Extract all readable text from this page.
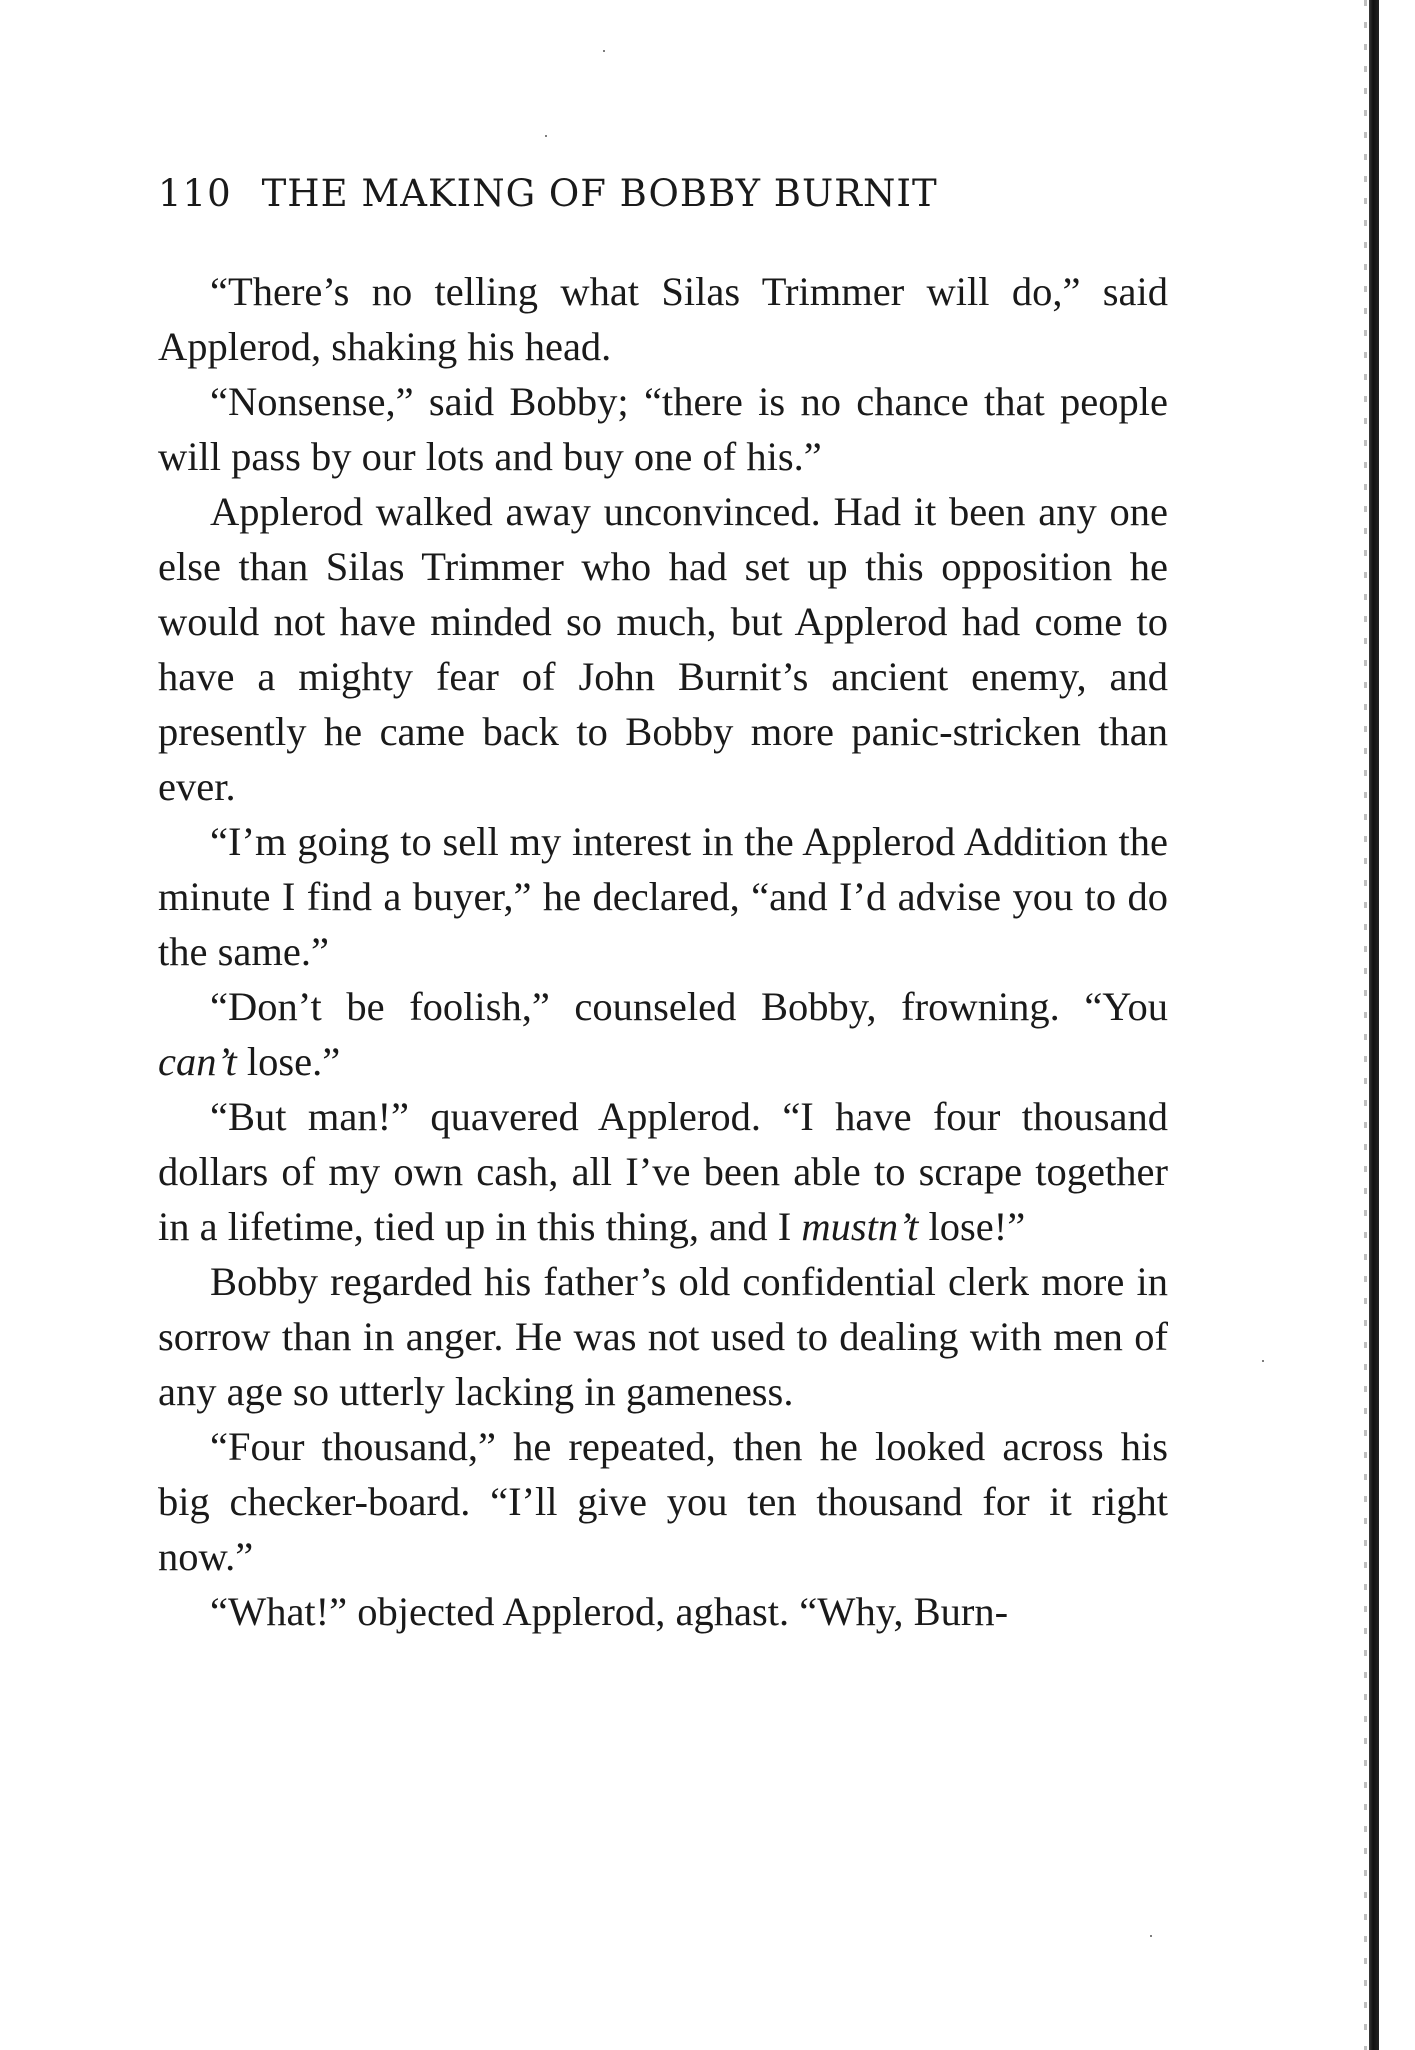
110 THE MAKING OF BOBBY BURNIT

“There’s no telling what Silas Trimmer will do,” said Applerod, shaking his head.

“Nonsense,” said Bobby; “there is no chance that people will pass by our lots and buy one of his.”

Applerod walked away unconvinced. Had it been any one else than Silas Trimmer who had set up this opposition he would not have minded so much, but Applerod had come to have a mighty fear of John Burnit’s ancient enemy, and presently he came back to Bobby more panic-stricken than ever.

“I’m going to sell my interest in the Applerod Addition the minute I find a buyer,” he declared, “and I’d advise you to do the same.”

“Don’t be foolish,” counseled Bobby, frowning. “You can’t lose.”

“But man!” quavered Applerod. “I have four thousand dollars of my own cash, all I’ve been able to scrape together in a lifetime, tied up in this thing, and I mustn’t lose!”

Bobby regarded his father’s old confidential clerk more in sorrow than in anger. He was not used to dealing with men of any age so utterly lacking in gameness.

“Four thousand,” he repeated, then he looked across his big checker-board. “I’ll give you ten thousand for it right now.”

“What!” objected Applerod, aghast. “Why, Burn-
